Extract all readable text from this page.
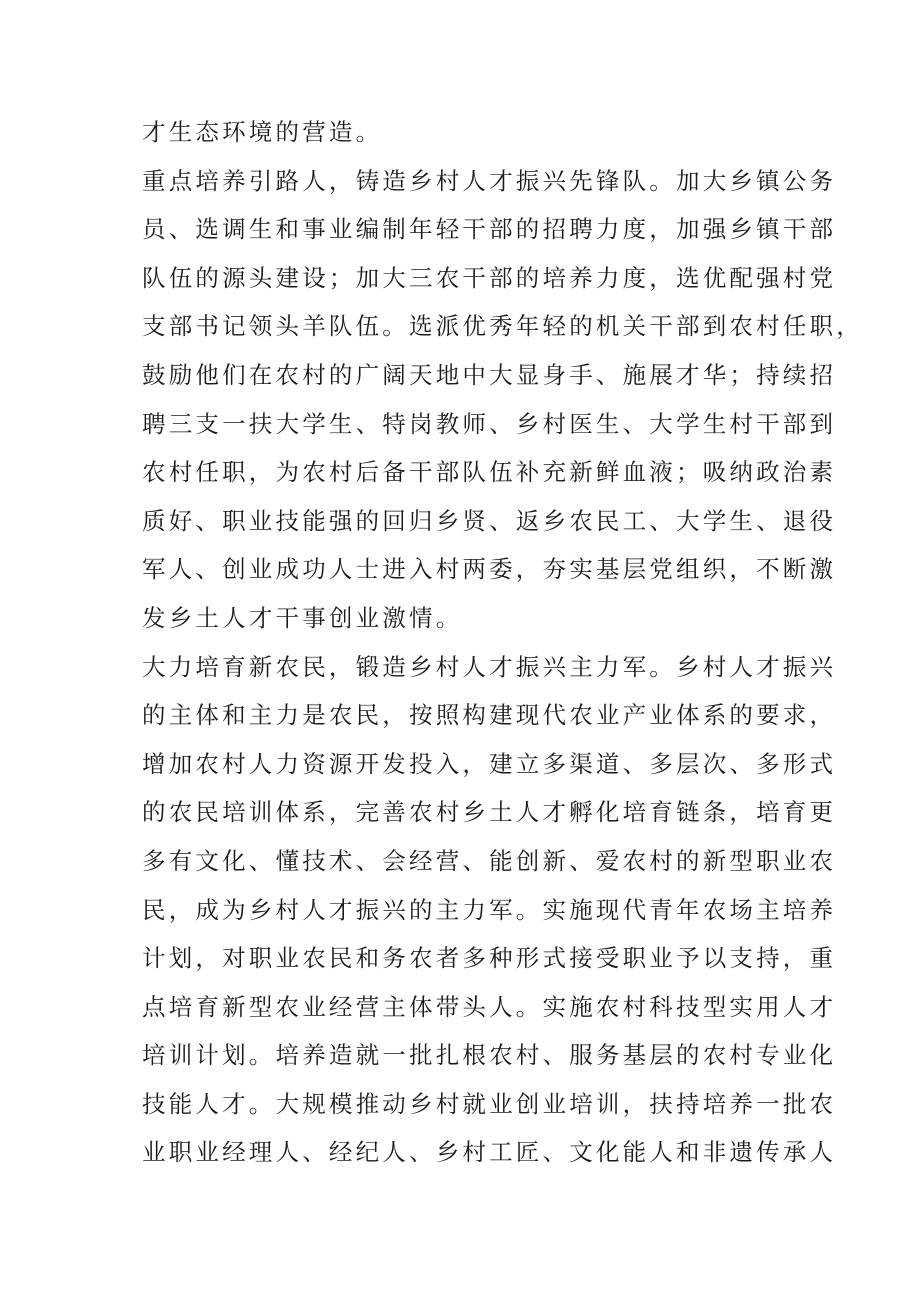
才生态环境的营造。
重点培养引路人，铸造乡村人才振兴先锋队。加大乡镇公务
员、选调生和事业编制年轻干部的招聘力度，加强乡镇干部
队伍的源头建设；加大三农干部的培养力度，选优配强村党
支部书记领头羊队伍。选派优秀年轻的机关干部到农村任职，
鼓励他们在农村的广阔天地中大显身手、施展才华；持续招
聘三支一扶大学生、特岗教师、乡村医生、大学生村干部到
农村任职，为农村后备干部队伍补充新鲜血液；吸纳政治素
质好、职业技能强的回归乡贤、返乡农民工、大学生、退役
军人、创业成功人士进入村两委，夯实基层党组织，不断激
发乡土人才干事创业激情。
大力培育新农民，锻造乡村人才振兴主力军。乡村人才振兴
的主体和主力是农民，按照构建现代农业产业体系的要求，
增加农村人力资源开发投入，建立多渠道、多层次、多形式
的农民培训体系，完善农村乡土人才孵化培育链条，培育更
多有文化、懂技术、会经营、能创新、爱农村的新型职业农
民，成为乡村人才振兴的主力军。实施现代青年农场主培养
计划，对职业农民和务农者多种形式接受职业予以支持，重
点培育新型农业经营主体带头人。实施农村科技型实用人才
培训计划。培养造就一批扎根农村、服务基层的农村专业化
技能人才。大规模推动乡村就业创业培训，扶持培养一批农
业职业经理人、经纪人、乡村工匠、文化能人和非遗传承人
